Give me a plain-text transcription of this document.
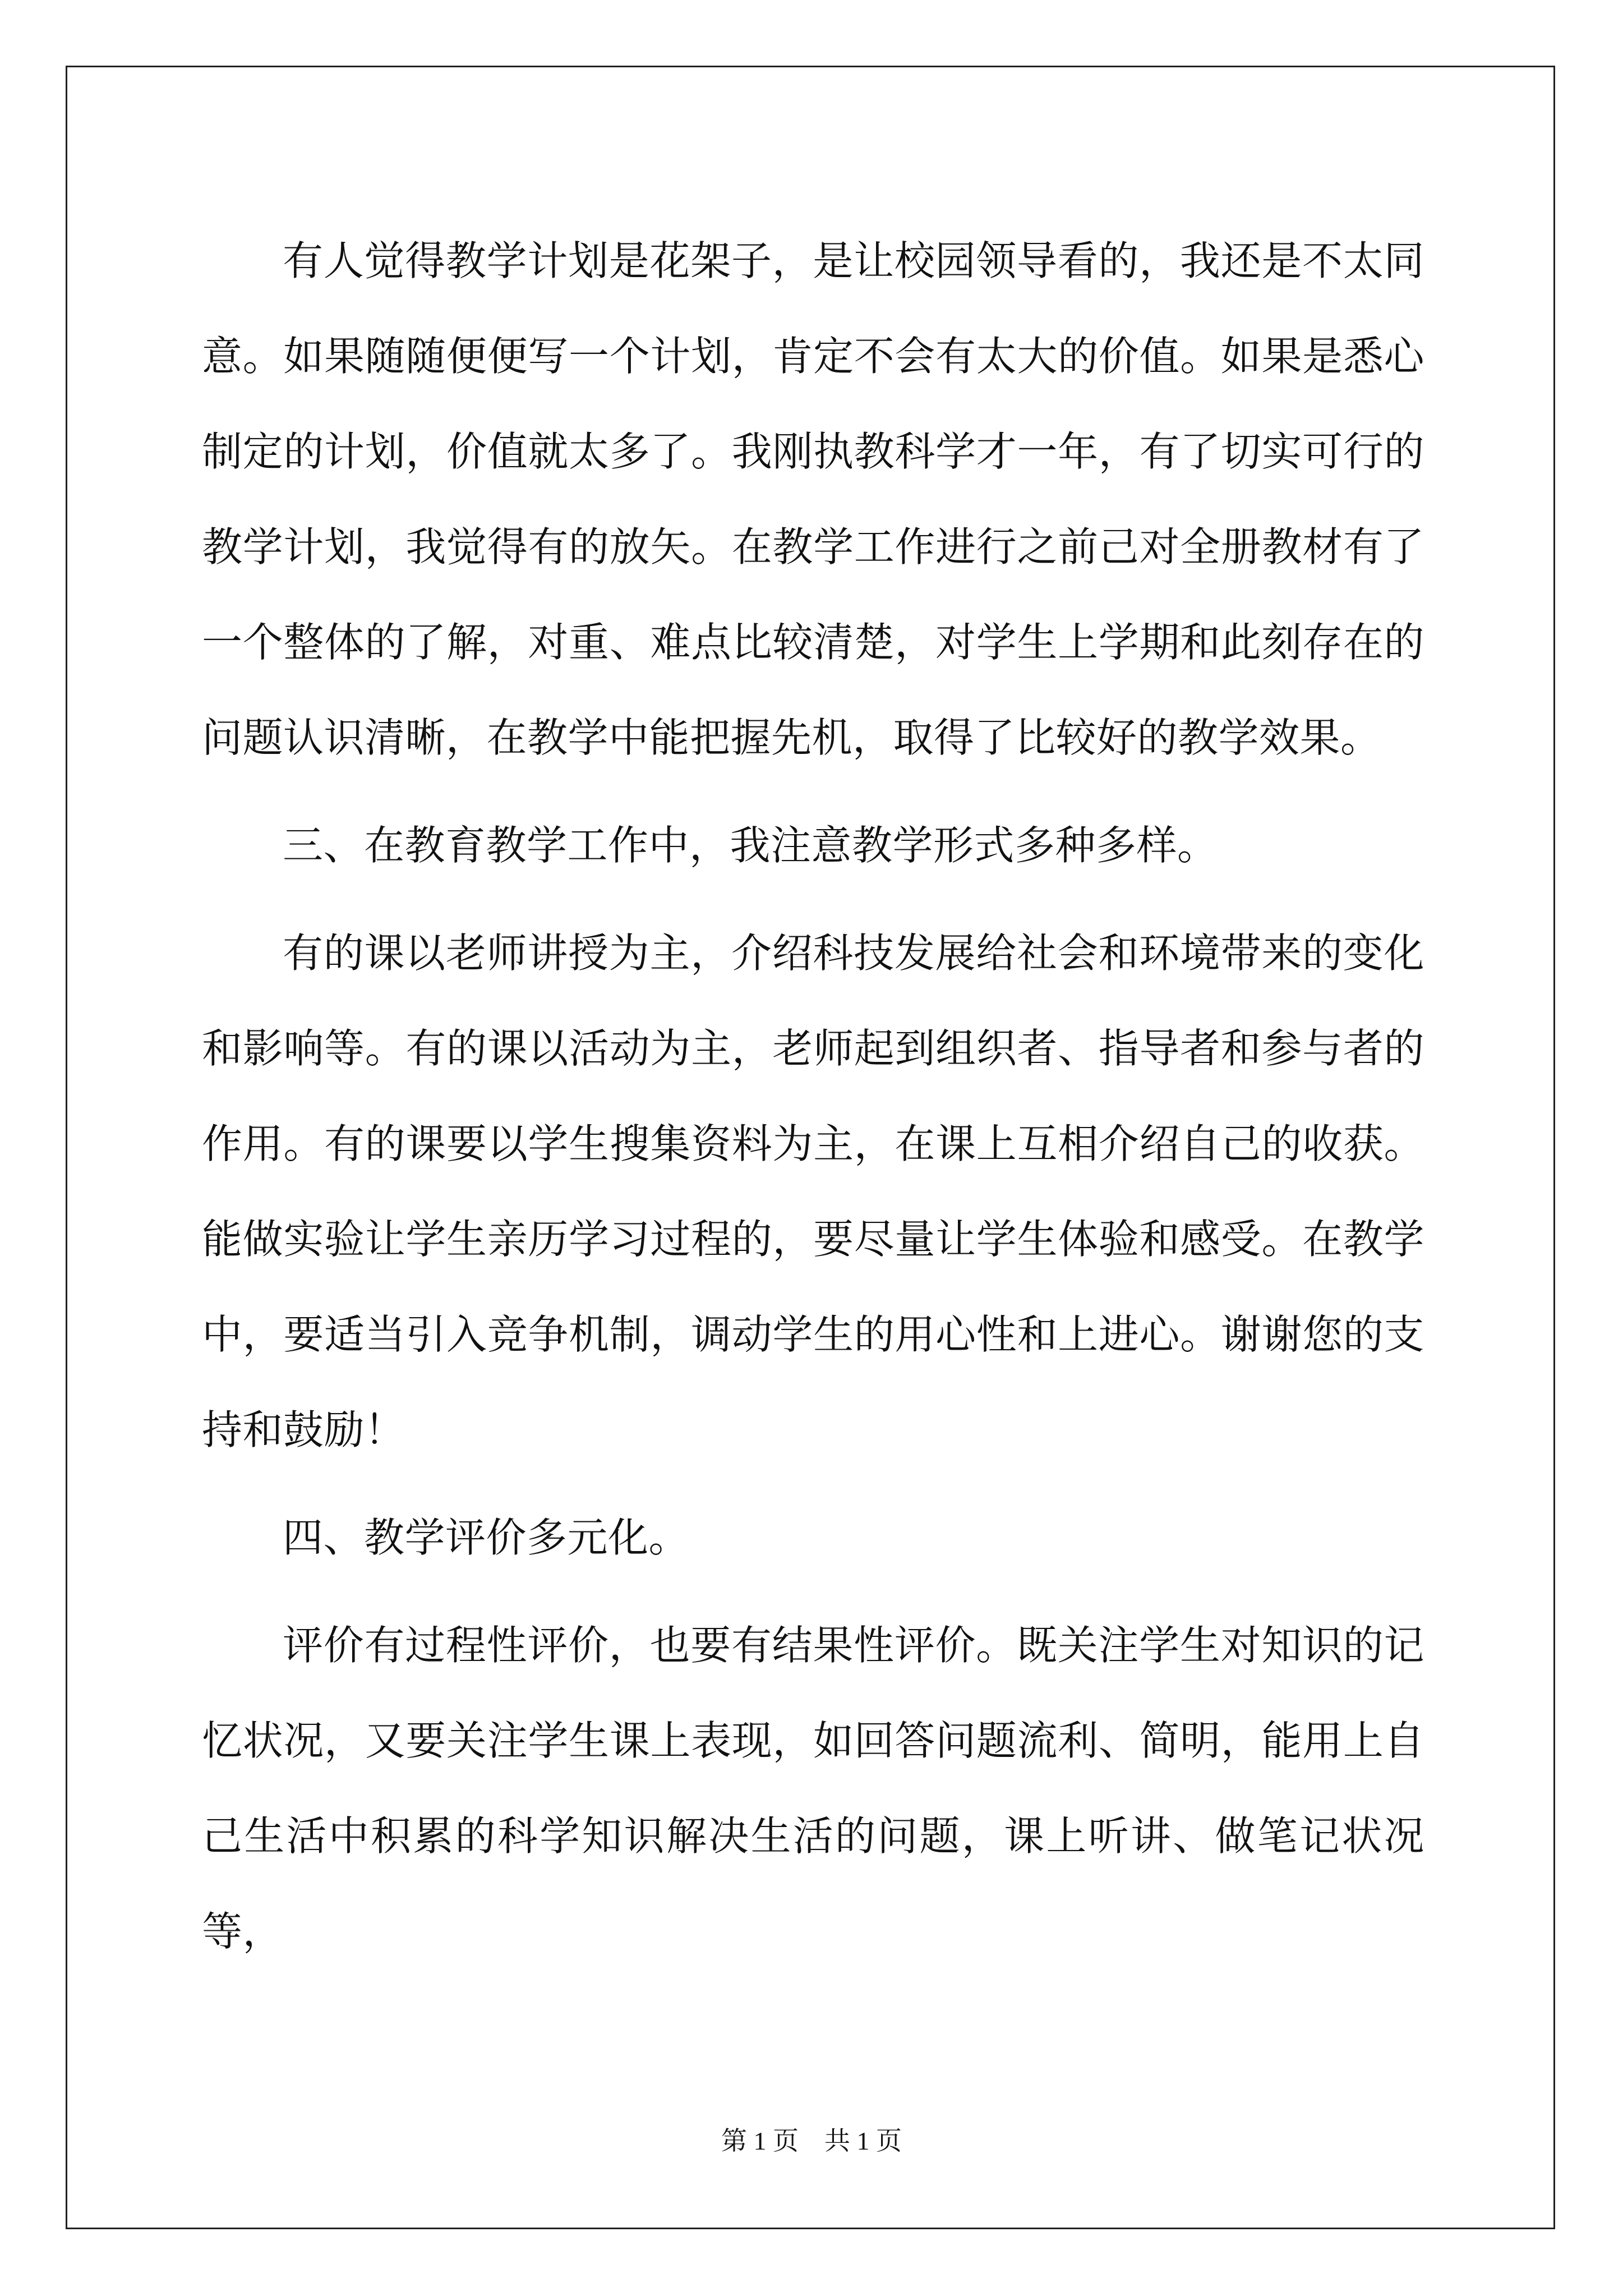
有人觉得教学计划是花架子，是让校园领导看的，我还是不太同意。如果随随便便写一个计划，肯定不会有太大的价值。如果是悉心制定的计划，价值就太多了。我刚执教科学才一年，有了切实可行的教学计划，我觉得有的放矢。在教学工作进行之前己对全册教材有了一个整体的了解，对重、难点比较清楚，对学生上学期和此刻存在的问题认识清晰，在教学中能把握先机，取得了比较好的教学效果。

三、在教育教学工作中，我注意教学形式多种多样。

有的课以老师讲授为主，介绍科技发展给社会和环境带来的变化和影响等。有的课以活动为主，老师起到组织者、指导者和参与者的作用。有的课要以学生搜集资料为主，在课上互相介绍自己的收获。能做实验让学生亲历学习过程的，要尽量让学生体验和感受。在教学中，要适当引入竞争机制，调动学生的用心性和上进心。谢谢您的支持和鼓励！

四、教学评价多元化。

评价有过程性评价，也要有结果性评价。既关注学生对知识的记忆状况，又要关注学生课上表现，如回答问题流利、简明，能用上自己生活中积累的科学知识解决生活的问题，课上听讲、做笔记状况等，

第 1 页　共 1 页
